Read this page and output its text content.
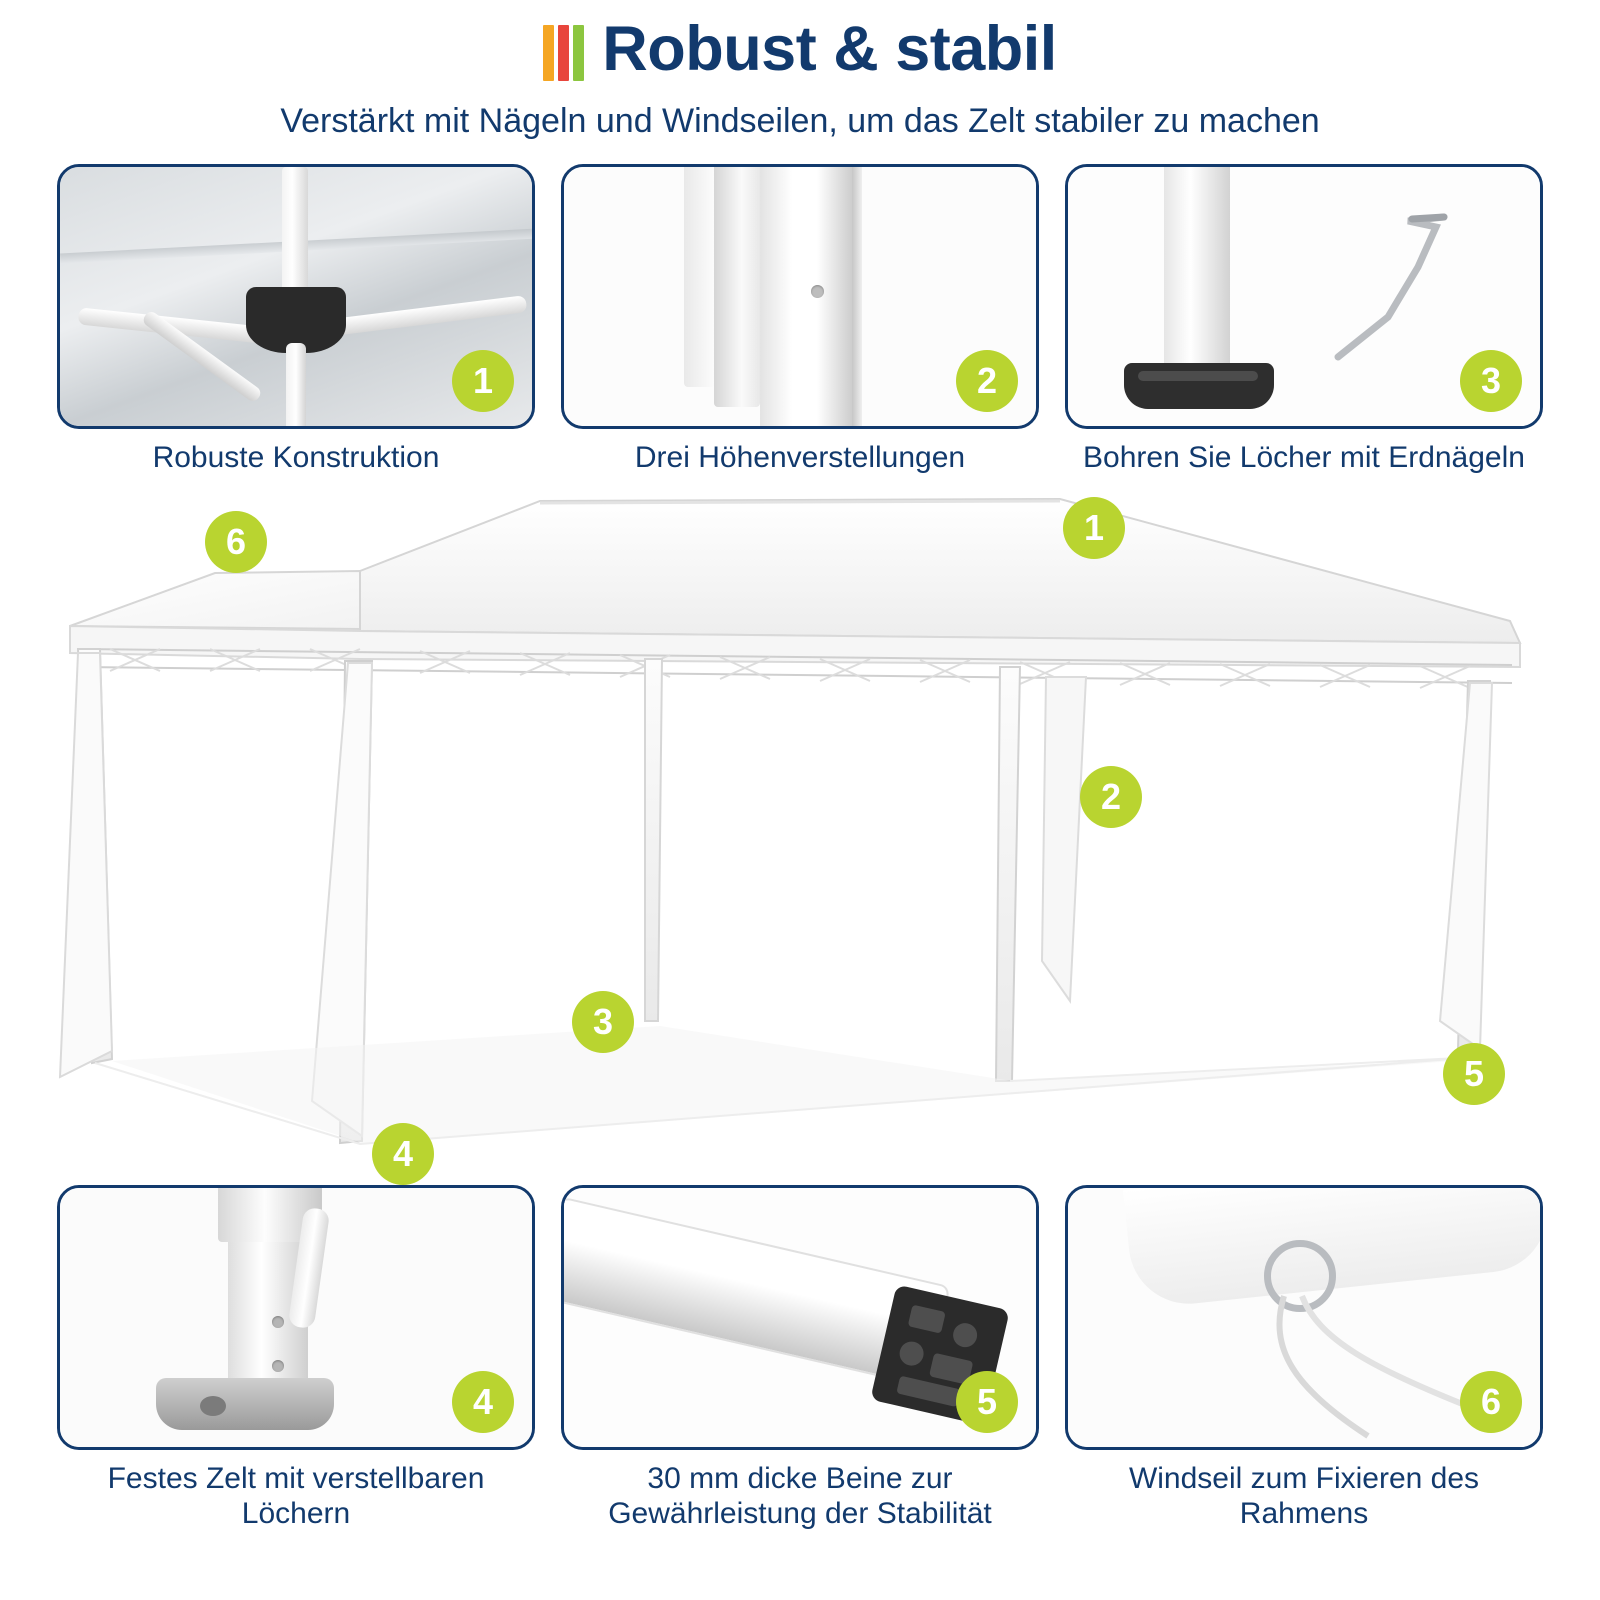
Robust & stabil
Verstärkt mit Nägeln und Windseilen, um das Zelt stabiler zu machen
1
Robuste Konstruktion
2
Drei Höhenverstellungen
3
Bohren Sie Löcher mit Erdnägeln
1
2
3
4
5
6
4
Festes Zelt mit verstellbaren Löchern
5
30 mm dicke Beine zur Gewährleistung der Stabilität
6
Windseil zum Fixieren des Rahmens
